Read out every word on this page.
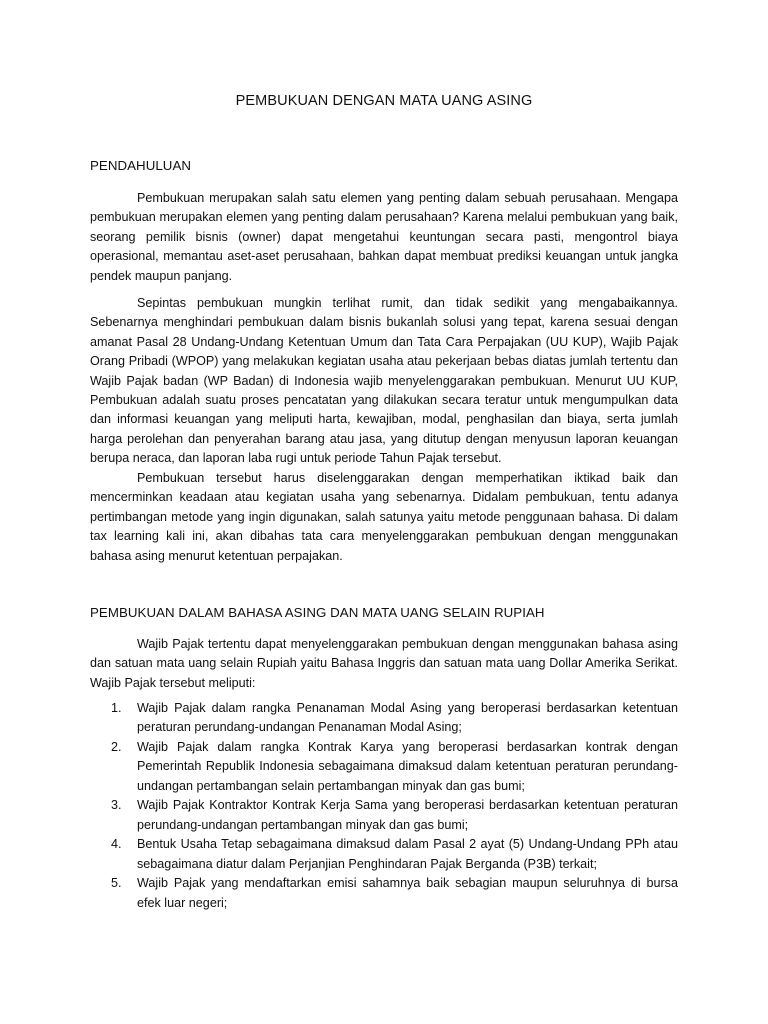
PEMBUKUAN DENGAN MATA UANG ASING
PENDAHULUAN

Pembukuan merupakan salah satu elemen yang penting dalam sebuah perusahaan. Mengapa pembukuan merupakan elemen yang penting dalam perusahaan? Karena melalui pembukuan yang baik, seorang pemilik bisnis (owner) dapat mengetahui keuntungan secara pasti, mengontrol biaya operasional, memantau aset-aset perusahaan, bahkan dapat membuat prediksi keuangan untuk jangka pendek maupun panjang.

Sepintas pembukuan mungkin terlihat rumit, dan tidak sedikit yang mengabaikannya. Sebenarnya menghindari pembukuan dalam bisnis bukanlah solusi yang tepat, karena sesuai dengan amanat Pasal 28 Undang-Undang Ketentuan Umum dan Tata Cara Perpajakan (UU KUP), Wajib Pajak Orang Pribadi (WPOP) yang melakukan kegiatan usaha atau pekerjaan bebas diatas jumlah tertentu dan Wajib Pajak badan (WP Badan) di Indonesia wajib menyelenggarakan pembukuan. Menurut UU KUP, Pembukuan adalah suatu proses pencatatan yang dilakukan secara teratur untuk mengumpulkan data dan informasi keuangan yang meliputi harta, kewajiban, modal, penghasilan dan biaya, serta jumlah harga perolehan dan penyerahan barang atau jasa, yang ditutup dengan menyusun laporan keuangan berupa neraca, dan laporan laba rugi untuk periode Tahun Pajak tersebut.

Pembukuan tersebut harus diselenggarakan dengan memperhatikan iktikad baik dan mencerminkan keadaan atau kegiatan usaha yang sebenarnya. Didalam pembukuan, tentu adanya pertimbangan metode yang ingin digunakan, salah satunya yaitu metode penggunaan bahasa. Di dalam tax learning kali ini, akan dibahas tata cara menyelenggarakan pembukuan dengan menggunakan bahasa asing menurut ketentuan perpajakan.

PEMBUKUAN DALAM BAHASA ASING DAN MATA UANG SELAIN RUPIAH

Wajib Pajak tertentu dapat menyelenggarakan pembukuan dengan menggunakan bahasa asing dan satuan mata uang selain Rupiah yaitu Bahasa Inggris dan satuan mata uang Dollar Amerika Serikat. Wajib Pajak tersebut meliputi:

1. Wajib Pajak dalam rangka Penanaman Modal Asing yang beroperasi berdasarkan ketentuan peraturan perundang-undangan Penanaman Modal Asing;
2. Wajib Pajak dalam rangka Kontrak Karya yang beroperasi berdasarkan kontrak dengan Pemerintah Republik Indonesia sebagaimana dimaksud dalam ketentuan peraturan perundang-undangan pertambangan selain pertambangan minyak dan gas bumi;
3. Wajib Pajak Kontraktor Kontrak Kerja Sama yang beroperasi berdasarkan ketentuan peraturan perundang-undangan pertambangan minyak dan gas bumi;
4. Bentuk Usaha Tetap sebagaimana dimaksud dalam Pasal 2 ayat (5) Undang-Undang PPh atau sebagaimana diatur dalam Perjanjian Penghindaran Pajak Berganda (P3B) terkait;
5. Wajib Pajak yang mendaftarkan emisi sahamnya baik sebagian maupun seluruhnya di bursa efek luar negeri;
